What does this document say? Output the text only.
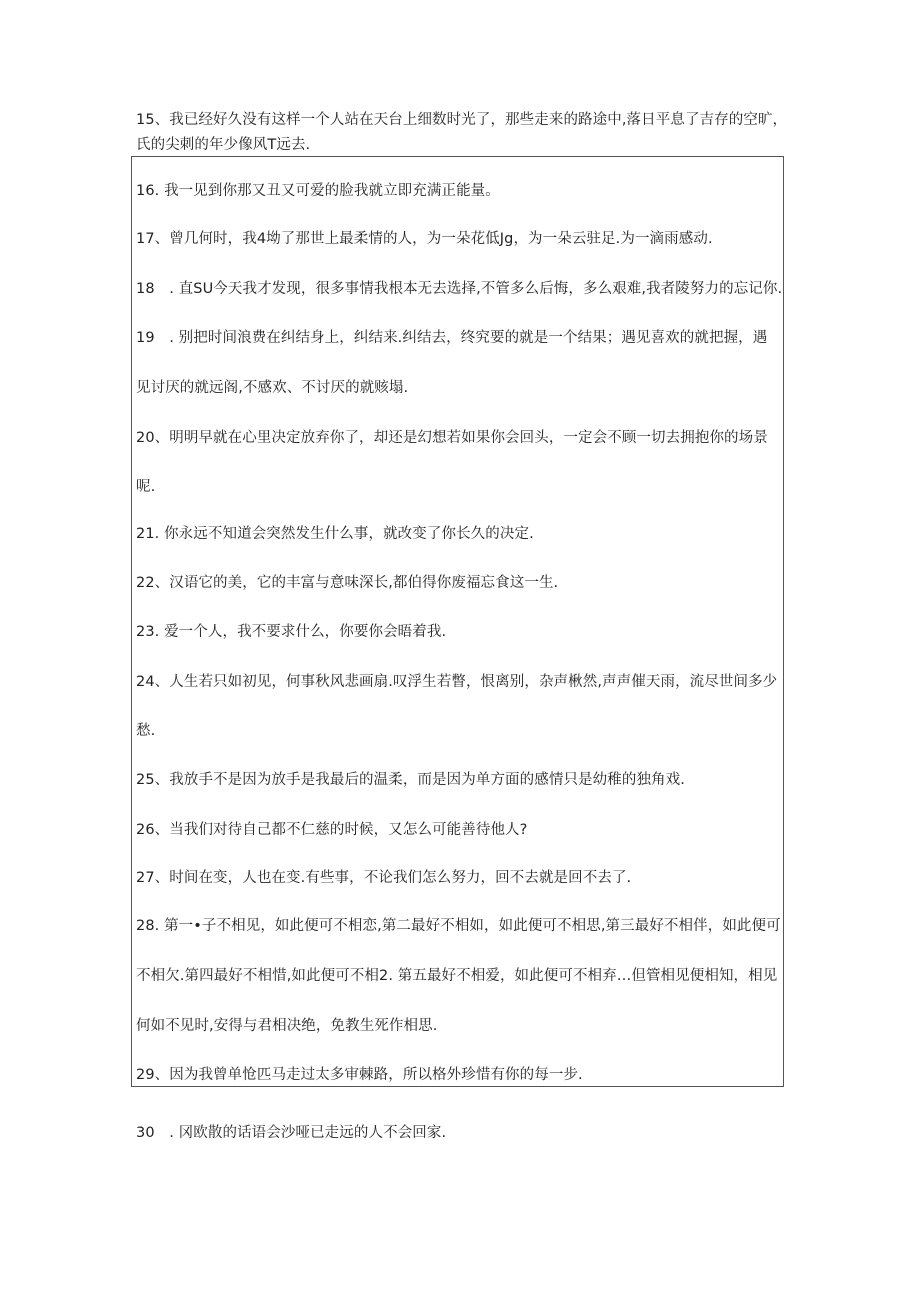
15、我已经好久没有这样一个人站在天台上细数时光了，那些走来的路途中,落日平息了吉存的空旷，
氏的尖刺的年少像风T远去.
16. 我一见到你那又丑又可爱的脸我就立即充满正能量。
17、曾几何时，我4坳了那世上最柔情的人，为一朵花低Jg，为一朵云驻足.为一滴雨感动.
18　. 直SU今天我才发现，很多事情我根本无去选择,不管多么后悔，多么艰难,我者陵努力的忘记你.
19　. 别把时间浪费在纠结身上，纠结来.纠结去，终究要的就是一个结果；遇见喜欢的就把握，遇
见讨厌的就远阁,不感欢、不讨厌的就赅塌.
20、明明早就在心里决定放弃你了，却还是幻想若如果你会回头，一定会不顾一切去拥抱你的场景
呢.
21. 你永远不知道会突然发生什么事，就改变了你长久的决定.
22、汉语它的美，它的丰富与意味深长,都伯得你废福忘食这一生.
23. 爱一个人，我不要求什么，你要你会晤着我.
24、人生若只如初见，何事秋风悲画扇.叹浮生若瞥，恨离别，杂声楸然,声声催天雨，流尽世间多少
愁.
25、我放手不是因为放手是我最后的温柔，而是因为单方面的感情只是幼稚的独角戏.
26、当我们对待自己都不仁慈的时候，又怎么可能善待他人?
27、时间在变，人也在变.有些事，不论我们怎么努力，回不去就是回不去了.
28. 第一•子不相见，如此便可不相恋,第二最好不相如，如此便可不相思,第三最好不相伴，如此便可
不相欠.第四最好不相惜,如此便可不相2. 第五最好不相爱，如此便可不相弃…但管相见便相知，相见
何如不见时,安得与君相决绝，免教生死作相思.
29、因为我曾单怆匹马走过太多审棘路，所以格外珍惜有你的每一步.
30　. 冈欧散的话语会沙哑已走远的人不会回家.
